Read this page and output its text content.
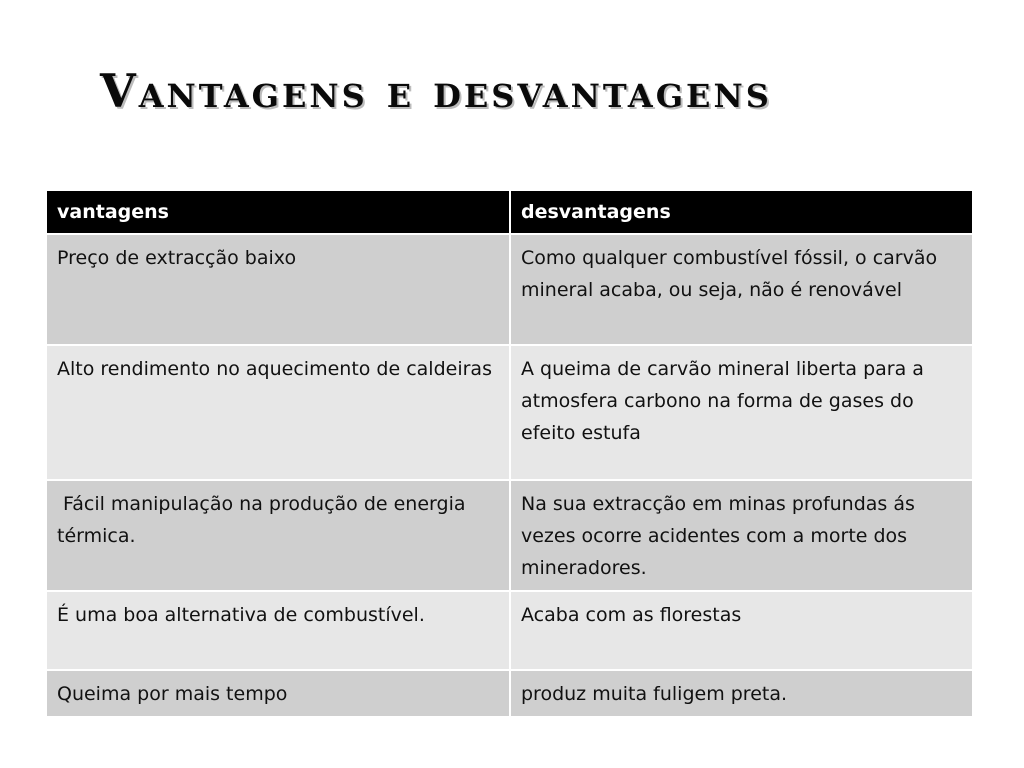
Vantagens e desvantagens
vantagens	desvantagens
Preço de extracção baixo	Como qualquer combustível fóssil, o carvão mineral acaba, ou seja, não é renovável
Alto rendimento no aquecimento de caldeiras	A queima de carvão mineral liberta para a atmosfera carbono na forma de gases do efeito estufa
Fácil manipulação na produção de energia térmica.	Na sua extracção em minas profundas ás vezes ocorre acidentes com a morte dos mineradores.
É uma boa alternativa de combustível.	Acaba com as florestas
Queima por mais tempo	produz muita fuligem preta.
